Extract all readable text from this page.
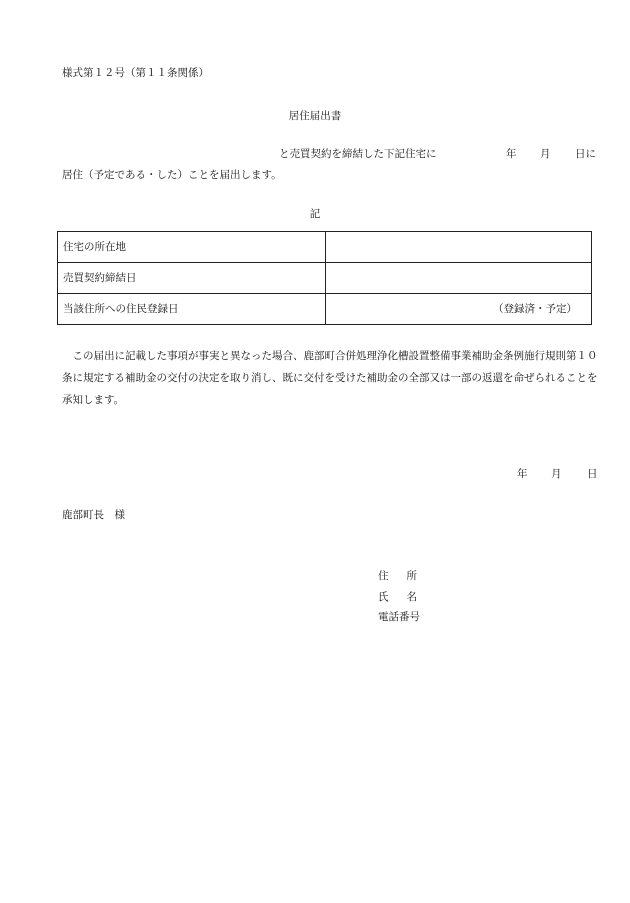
様式第１２号（第１１条関係）
居住届出書
と売買契約を締結した下記住宅に	年 月 日に
居住（予定である・した）ことを届出します。
記
住宅の所在地	
売買契約締結日	
当該住所への住民登録日	（登録済・予定）
この届出に記載した事項が事実と異なった場合、鹿部町合併処理浄化槽設置整備事業補助金条例施行規則第１０条に規定する補助金の交付の決定を取り消し、既に交付を受けた補助金の全部又は一部の返還を命ぜられることを承知します。
年 月 日
鹿部町長　様
住所
氏名
電話番号
